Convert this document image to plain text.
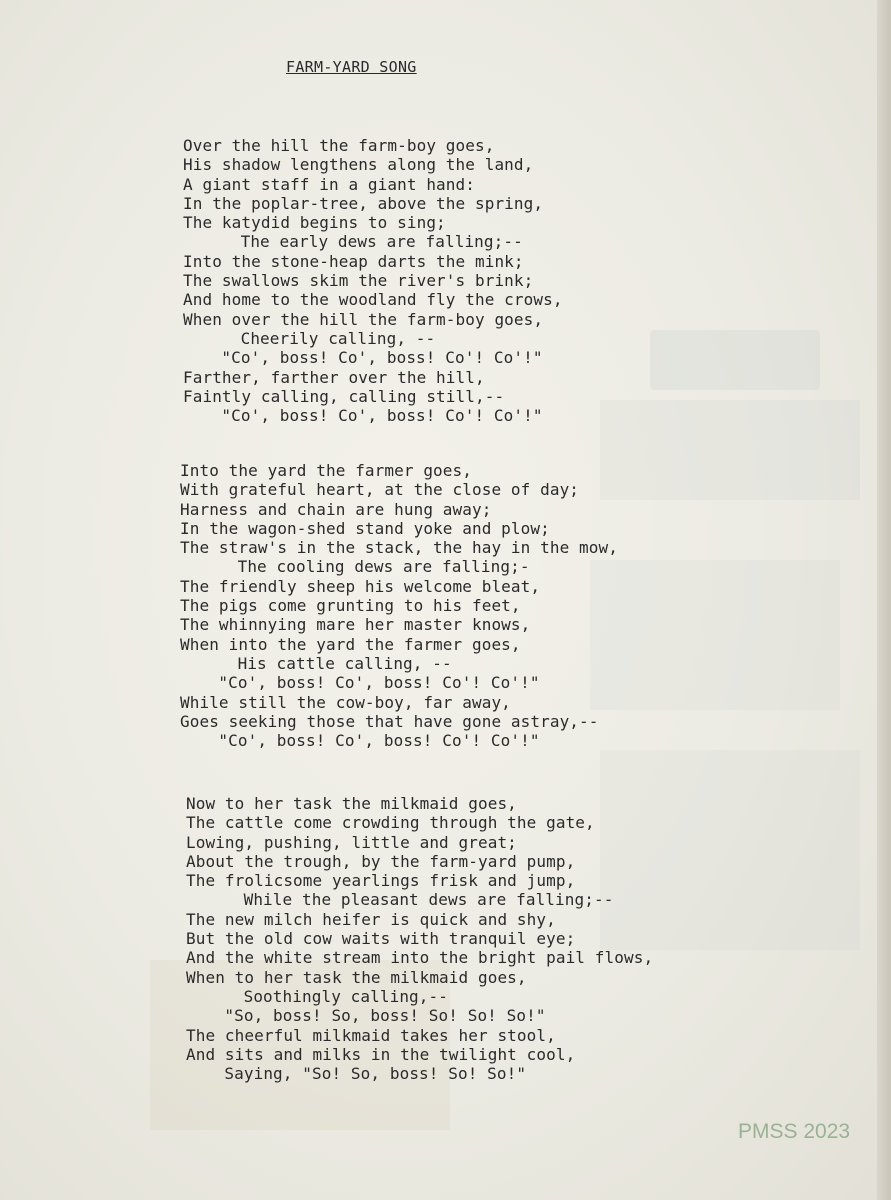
FARM-YARD SONG
Over the hill the farm-boy goes,
His shadow lengthens along the land,
A giant staff in a giant hand:
In the poplar-tree, above the spring,
The katydid begins to sing;
The early dews are falling;--
Into the stone-heap darts the mink;
The swallows skim the river's brink;
And home to the woodland fly the crows,
When over the hill the farm-boy goes,
Cheerily calling, --
"Co', boss! Co', boss! Co'! Co'!"
Farther, farther over the hill,
Faintly calling, calling still,--
"Co', boss! Co', boss! Co'! Co'!"
Into the yard the farmer goes,
With grateful heart, at the close of day;
Harness and chain are hung away;
In the wagon-shed stand yoke and plow;
The straw's in the stack, the hay in the mow,
The cooling dews are falling;-
The friendly sheep his welcome bleat,
The pigs come grunting to his feet,
The whinnying mare her master knows,
When into the yard the farmer goes,
His cattle calling, --
"Co', boss! Co', boss! Co'! Co'!"
While still the cow-boy, far away,
Goes seeking those that have gone astray,--
"Co', boss! Co', boss! Co'! Co'!"
Now to her task the milkmaid goes,
The cattle come crowding through the gate,
Lowing, pushing, little and great;
About the trough, by the farm-yard pump,
The frolicsome yearlings frisk and jump,
While the pleasant dews are falling;--
The new milch heifer is quick and shy,
But the old cow waits with tranquil eye;
And the white stream into the bright pail flows,
When to her task the milkmaid goes,
Soothingly calling,--
"So, boss! So, boss! So! So! So!"
The cheerful milkmaid takes her stool,
And sits and milks in the twilight cool,
Saying, "So! So, boss! So! So!"
PMSS 2023
